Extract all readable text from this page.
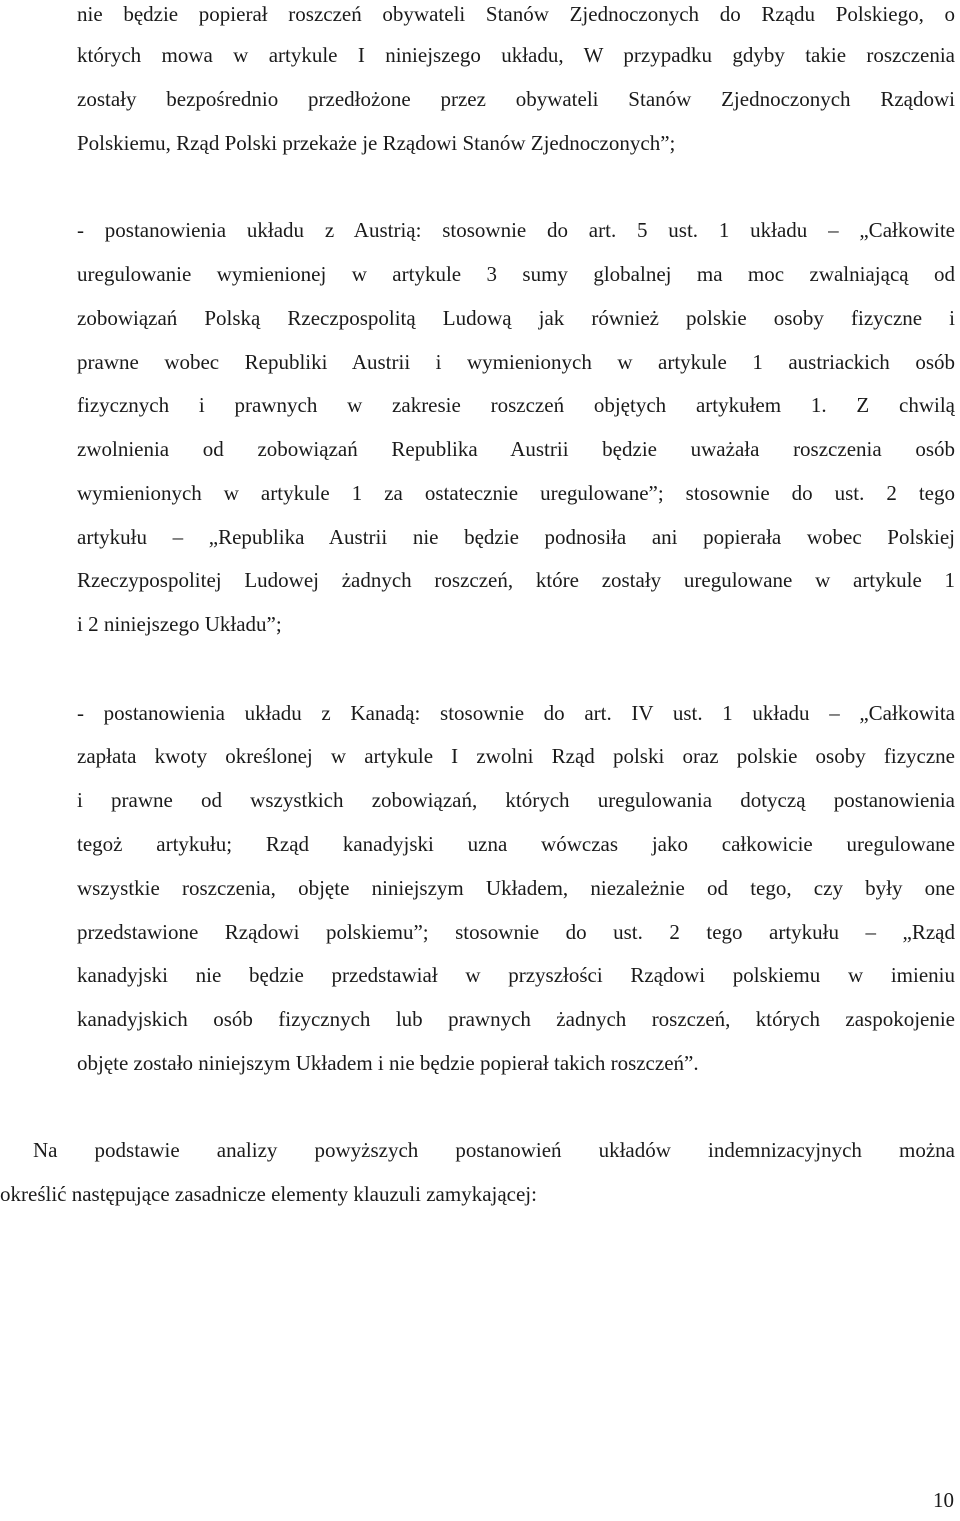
nie będzie popierał roszczeń obywateli Stanów Zjednoczonych do Rządu Polskiego, o
których mowa w artykule I niniejszego układu, W przypadku gdyby takie roszczenia
zostały bezpośrednio przedłożone przez obywateli Stanów Zjednoczonych Rządowi
Polskiemu, Rząd Polski przekaże je Rządowi Stanów Zjednoczonych”;
- postanowienia układu z Austrią: stosownie do art. 5 ust. 1 układu – „Całkowite
uregulowanie wymienionej w artykule 3 sumy globalnej ma moc zwalniającą od
zobowiązań Polską Rzeczpospolitą Ludową jak również polskie osoby fizyczne i
prawne wobec Republiki Austrii i wymienionych w artykule 1 austriackich osób
fizycznych i prawnych w zakresie roszczeń objętych artykułem 1. Z chwilą
zwolnienia od zobowiązań Republika Austrii będzie uważała roszczenia osób
wymienionych w artykule 1 za ostatecznie uregulowane”; stosownie do ust. 2 tego
artykułu – „Republika Austrii nie będzie podnosiła ani popierała wobec Polskiej
Rzeczypospolitej Ludowej żadnych roszczeń, które zostały uregulowane w artykule 1
i 2 niniejszego Układu”;
- postanowienia układu z Kanadą: stosownie do art. IV ust. 1 układu – „Całkowita
zapłata kwoty określonej w artykule I zwolni Rząd polski oraz polskie osoby fizyczne
i prawne od wszystkich zobowiązań, których uregulowania dotyczą postanowienia
tegoż artykułu; Rząd kanadyjski uzna wówczas jako całkowicie uregulowane
wszystkie roszczenia, objęte niniejszym Układem, niezależnie od tego, czy były one
przedstawione Rządowi polskiemu”; stosownie do ust. 2 tego artykułu – „Rząd
kanadyjski nie będzie przedstawiał w przyszłości Rządowi polskiemu w imieniu
kanadyjskich osób fizycznych lub prawnych żadnych roszczeń, których zaspokojenie
objęte zostało niniejszym Układem i nie będzie popierał takich roszczeń”.
Na podstawie analizy powyższych postanowień układów indemnizacyjnych można
określić następujące zasadnicze elementy klauzuli zamykającej:
10
